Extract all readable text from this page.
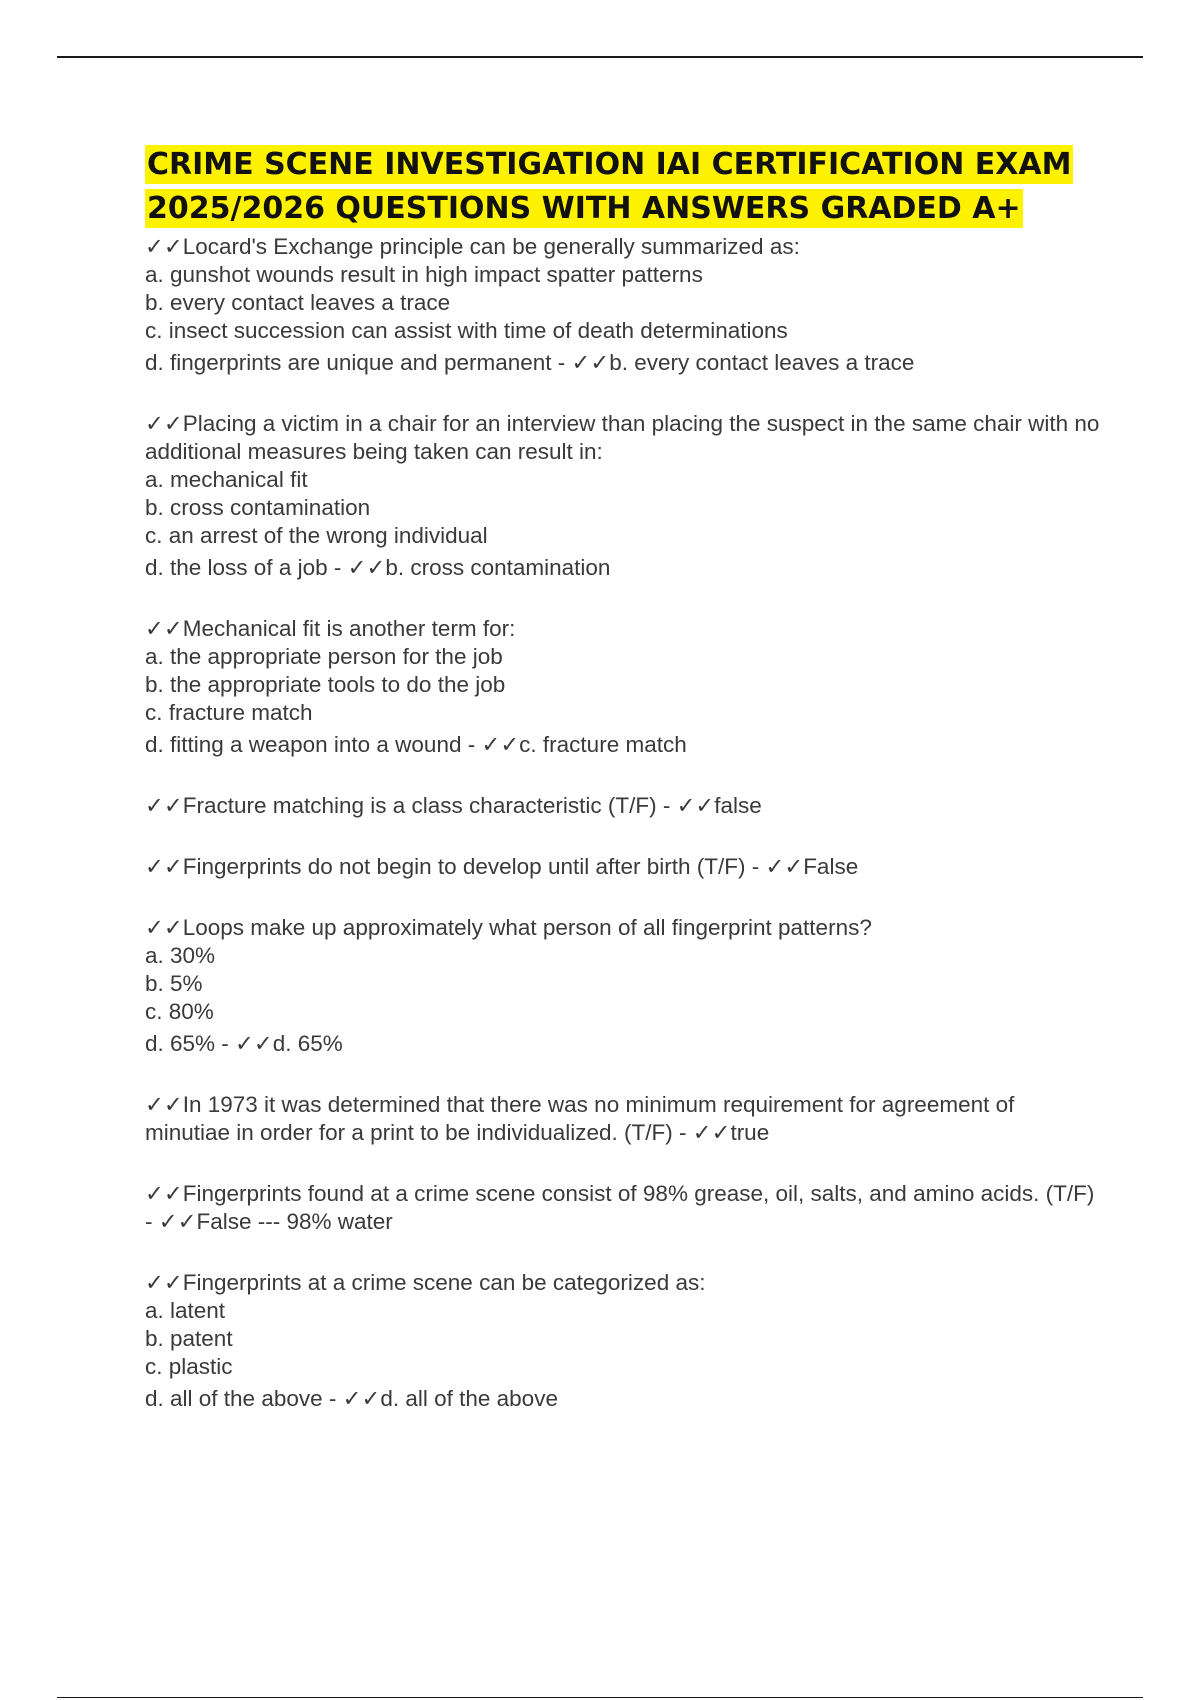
CRIME SCENE INVESTIGATION IAI CERTIFICATION EXAM
2025/2026 QUESTIONS WITH ANSWERS GRADED A+

✓✓Locard's Exchange principle can be generally summarized as:

a. gunshot wounds result in high impact spatter patterns

b. every contact leaves a trace

c. insect succession can assist with time of death determinations

d. fingerprints are unique and permanent - ✓✓b. every contact leaves a trace

✓✓Placing a victim in a chair for an interview than placing the suspect in the same chair with no additional measures being taken can result in:

a. mechanical fit

b. cross contamination

c. an arrest of the wrong individual

d. the loss of a job - ✓✓b. cross contamination

✓✓Mechanical fit is another term for:

a. the appropriate person for the job

b. the appropriate tools to do the job

c. fracture match

d. fitting a weapon into a wound - ✓✓c. fracture match

✓✓Fracture matching is a class characteristic (T/F) - ✓✓false

✓✓Fingerprints do not begin to develop until after birth (T/F) - ✓✓False

✓✓Loops make up approximately what person of all fingerprint patterns?

a. 30%

b. 5%

c. 80%

d. 65% - ✓✓d. 65%

✓✓In 1973 it was determined that there was no minimum requirement for agreement of minutiae in order for a print to be individualized. (T/F) - ✓✓true

✓✓Fingerprints found at a crime scene consist of 98% grease, oil, salts, and amino acids. (T/F) - ✓✓False --- 98% water

✓✓Fingerprints at a crime scene can be categorized as:

a. latent

b. patent

c. plastic

d. all of the above - ✓✓d. all of the above
